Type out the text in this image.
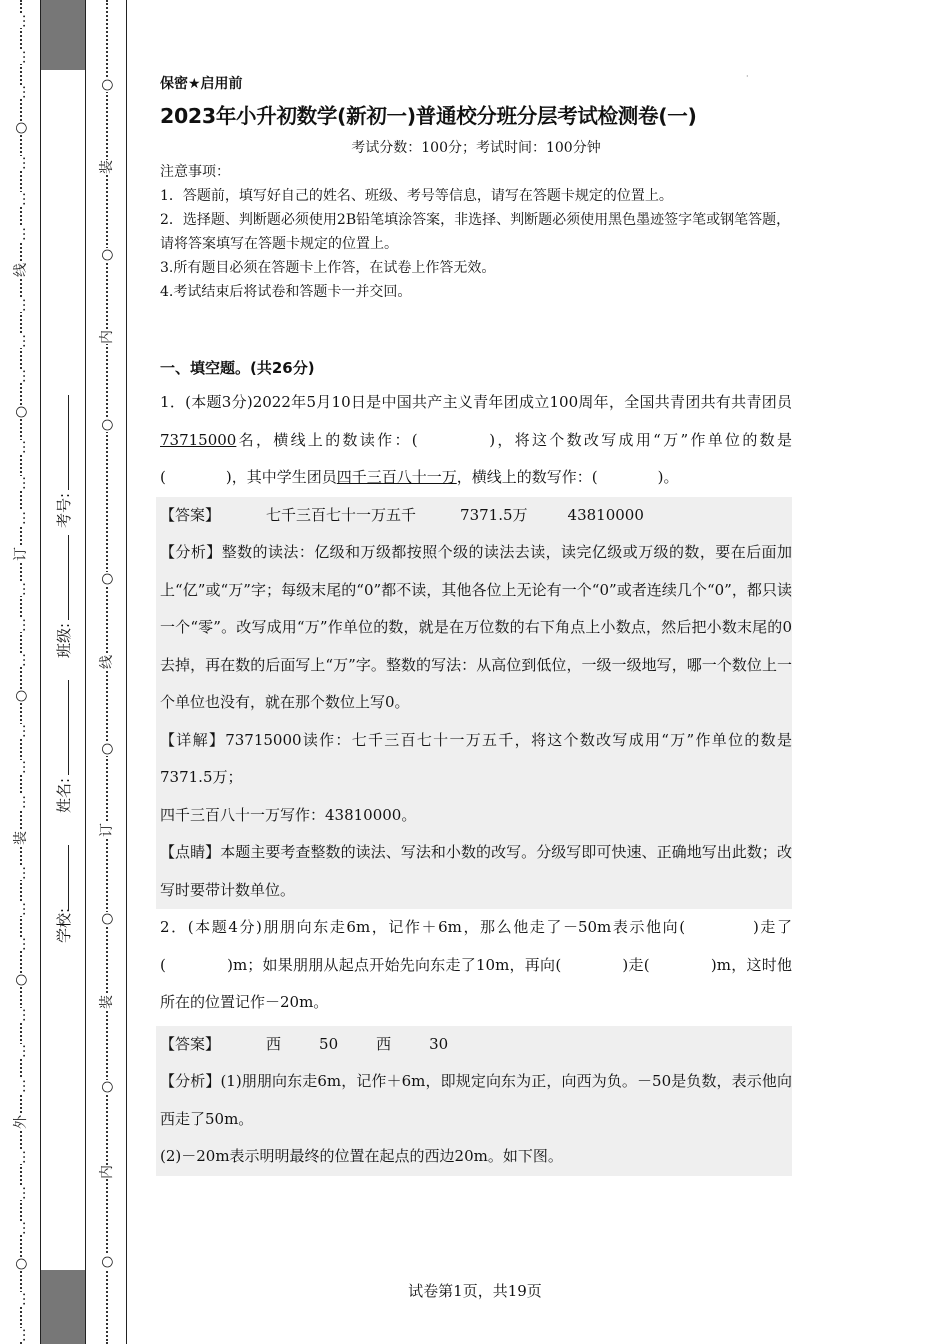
…
…
…
○
…
…
…
线
…
…
…
○
…
…
…
订
…
…
…
○
…
…
…
装
…
…
…
○
…
…
…
外
…
…
…
○
…
…
○
装
○
内
○
○
线
○
订
○
装
○
内
○
学校:
姓名:
班级:
考号:
·
保密★启用前
2023年小升初数学(新初一)普通校分班分层考试检测卷(一)
考试分数：100分；考试时间：100分钟
注意事项：
1．答题前，填写好自己的姓名、班级、考号等信息，请写在答题卡规定的位置上。
2．选择题、判断题必须使用2B铅笔填涂答案，非选择、判断题必须使用黑色墨迹签字笔或钢笔答题，请将答案填写在答题卡规定的位置上。
3.所有题目必须在答题卡上作答，在试卷上作答无效。
4.考试结束后将试卷和答题卡一并交回。
一、填空题。(共26分)
1．(本题3分)2022年5月10日是中国共产主义青年团成立100周年，全国共青团共有共青团员73715000名，横线上的数读作：(　　　　)，将这个数改写成用“万”作单位的数是(　　　　)，其中学生团员四千三百八十一万，横线上的数写作：(　　　　)。
【答案】	七千三百七十一万五千	7371.5万	43810000
【分析】整数的读法：亿级和万级都按照个级的读法去读，读完亿级或万级的数，要在后面加上“亿”或“万”字；每级末尾的“0”都不读，其他各位上无论有一个“0”或者连续几个“0”，都只读一个“零”。改写成用“万”作单位的数，就是在万位数的右下角点上小数点，然后把小数末尾的0去掉，再在数的后面写上“万”字。整数的写法：从高位到低位，一级一级地写，哪一个数位上一个单位也没有，就在那个数位上写0。
【详解】73715000读作：七千三百七十一万五千，将这个数改写成用“万”作单位的数是7371.5万；
四千三百八十一万写作：43810000。
【点睛】本题主要考查整数的读法、写法和小数的改写。分级写即可快速、正确地写出此数；改写时要带计数单位。
2．(本题4分)朋朋向东走6m，记作＋6m，那么他走了－50m表示他向(　　　　)走了(　　　　)m；如果朋朋从起点开始先向东走了10m，再向(　　　　)走(　　　　)m，这时他所在的位置记作－20m。
【答案】	西	50	西	30
【分析】(1)朋朋向东走6m，记作＋6m，即规定向东为正，向西为负。－50是负数，表示他向西走了50m。
(2)－20m表示明明最终的位置在起点的西边20m。如下图。
试卷第1页，共19页
